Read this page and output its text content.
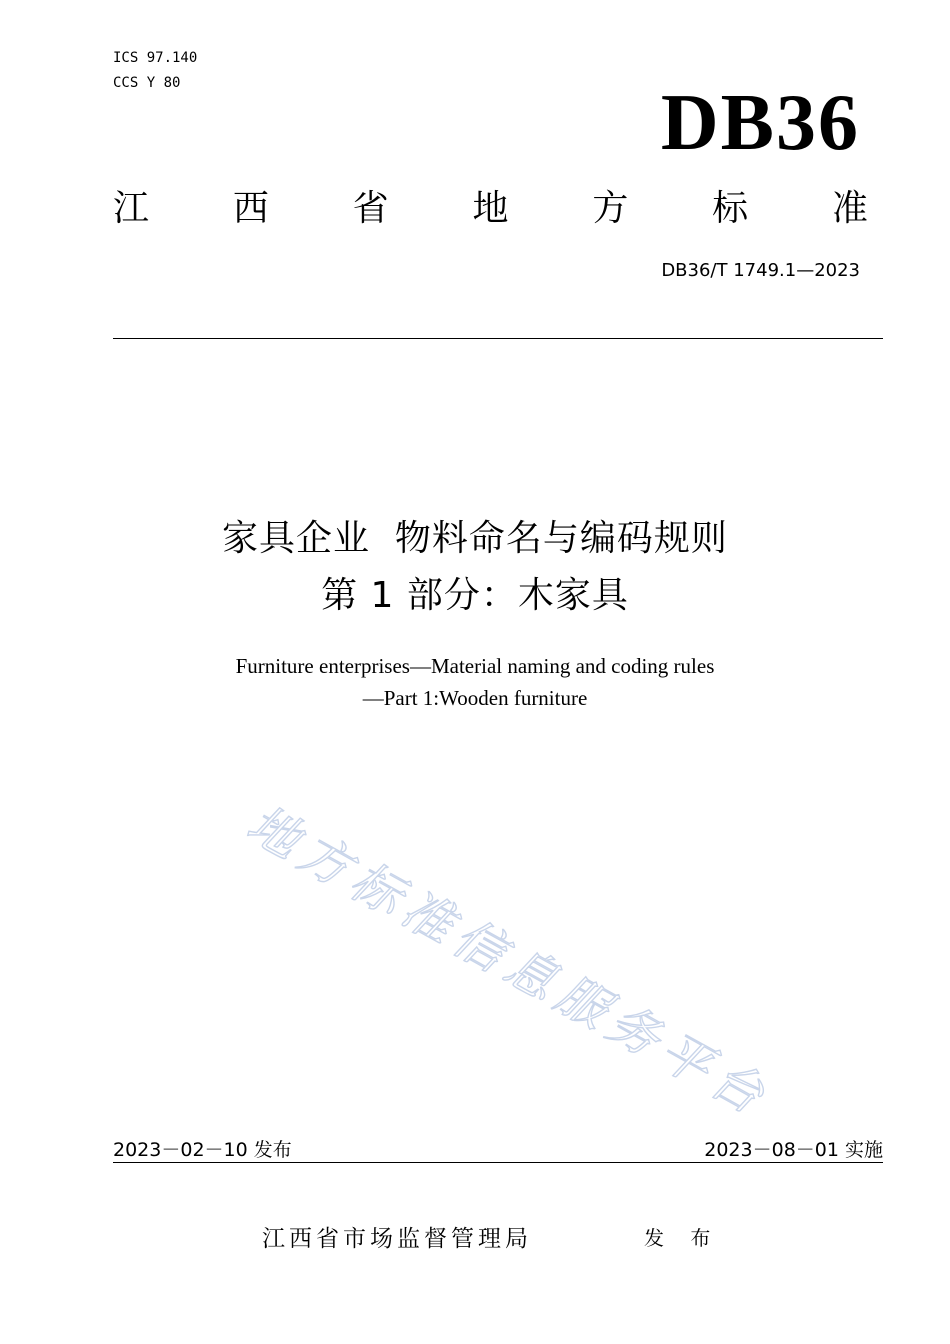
ICS 97.140
CCS Y 80	DB36
江 西 省 地 方 标 准
DB36/T 1749.1—2023
家具企业  物料命名与编码规则
第 1 部分：木家具
Furniture enterprises—Material naming and coding rules
—Part 1:Wooden furniture
地
方
标
准
信
息
服
务
平
台
2023－02－10 发布	2023－08－01 实施
江西省市场监督管理局	发 布
